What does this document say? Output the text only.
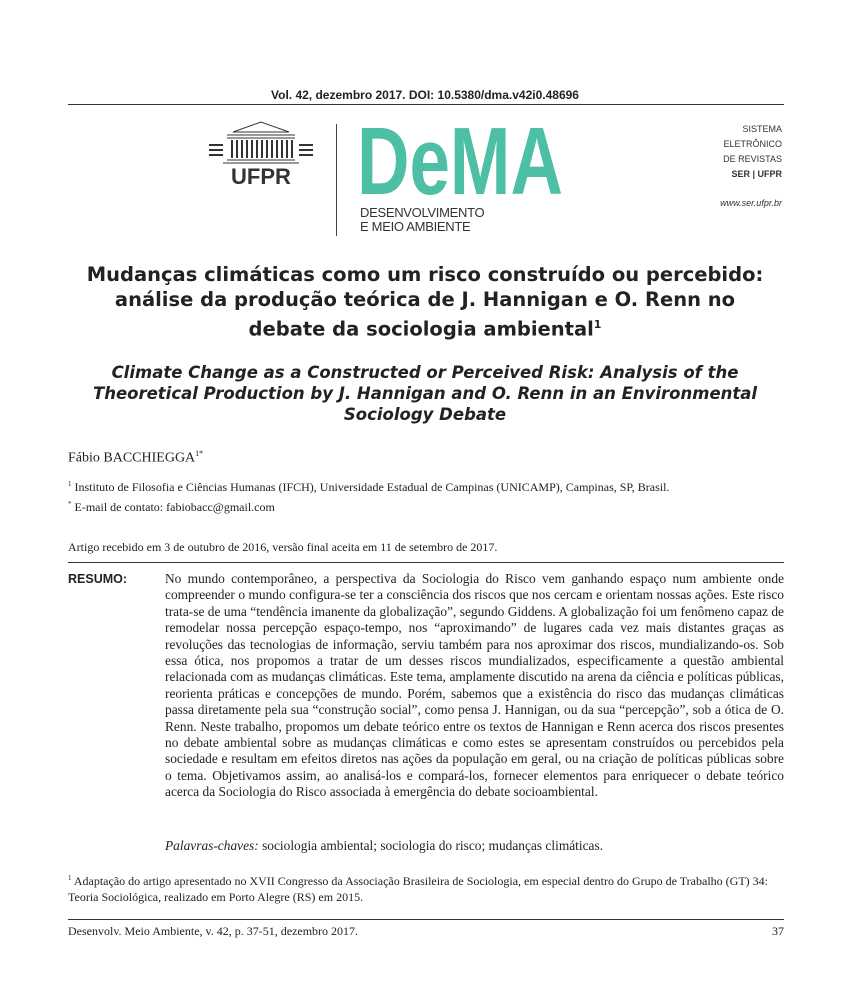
Vol. 42, dezembro 2017. DOI: 10.5380/dma.v42i0.48696
UFPR DeMA
DESENVOLVIMENTO
E MEIO AMBIENTE
SISTEMA
ELETRÔNICO
DE REVISTAS
SER | UFPR
www.ser.ufpr.br
Mudanças climáticas como um risco construído ou percebido:
análise da produção teórica de J. Hannigan e O. Renn no
debate da sociologia ambiental$^1$
Climate Change as a Constructed or Perceived Risk: Analysis of the
Theoretical Production by J. Hannigan and O. Renn in an Environmental
Sociology Debate
Fábio $BACCHIEGGA^{1*}$
$^1$ Instituto de Filosofia e Ciências Humanas (IFCH), Universidade Estadual de Campinas (UNICAMP), Campinas, SP, Brasil.
* E-mail de contato: fabiobacc@gmail.com
Artigo recebido em 3 de outubro de 2016, versão final aceita em 11 de setembro de 2017.
RESUMO:	No mundo contemporâneo, a perspectiva da Sociologia do Risco vem ganhando espaço num ambiente onde compreender o mundo configura-se ter a consciência dos riscos que nos cercam e orientam nossas ações. Este risco trata-se de uma “tendência imanente da globalização”, segundo Giddens. A globalização foi um fenômeno capaz de remodelar nossa percepção espaço-tempo, nos “aproximando” de lugares cada vez mais distantes graças as revoluções das tecnologias de informação, serviu também para nos aproximar dos riscos, mundializando-os. Sob essa ótica, nos propomos a tratar de um desses riscos mundializados, especificamente a questão ambiental relacionada com as mudanças climáticas. Este tema, amplamente discutido na arena da ciência e políticas públicas, reorienta práticas e concepções de mundo. Porém, sabemos que a existência do risco das mudanças climáticas passa diretamente pela sua “construção social”, como pensa J. Hannigan, ou da sua “percepção”, sob a ótica de O. Renn. Neste trabalho, propomos um debate teórico entre os textos de Hannigan e Renn acerca dos riscos presentes no debate ambiental sobre as mudanças climáticas e como estes se apresentam construídos ou percebidos pela sociedade e resultam em efeitos diretos nas ações da população em geral, ou na criação de políticas públicas sobre o tema. Objetivamos assim, ao analisá-los e compará-los, fornecer elementos para enriquecer o debate teórico acerca da Sociologia do Risco associada à emergência do debate socioambiental.

Palavras-chaves: sociologia ambiental; sociologia do risco; mudanças climáticas.
$^1$ Adaptação do artigo apresentado no XVII Congresso da Associação Brasileira de Sociologia, em especial dentro do Grupo de Trabalho (GT) 34: Teoria Sociológica, realizado em Porto Alegre (RS) em 2015.
Desenvolv. Meio Ambiente, v. 42, p. 37-51, dezembro 2017.	37
